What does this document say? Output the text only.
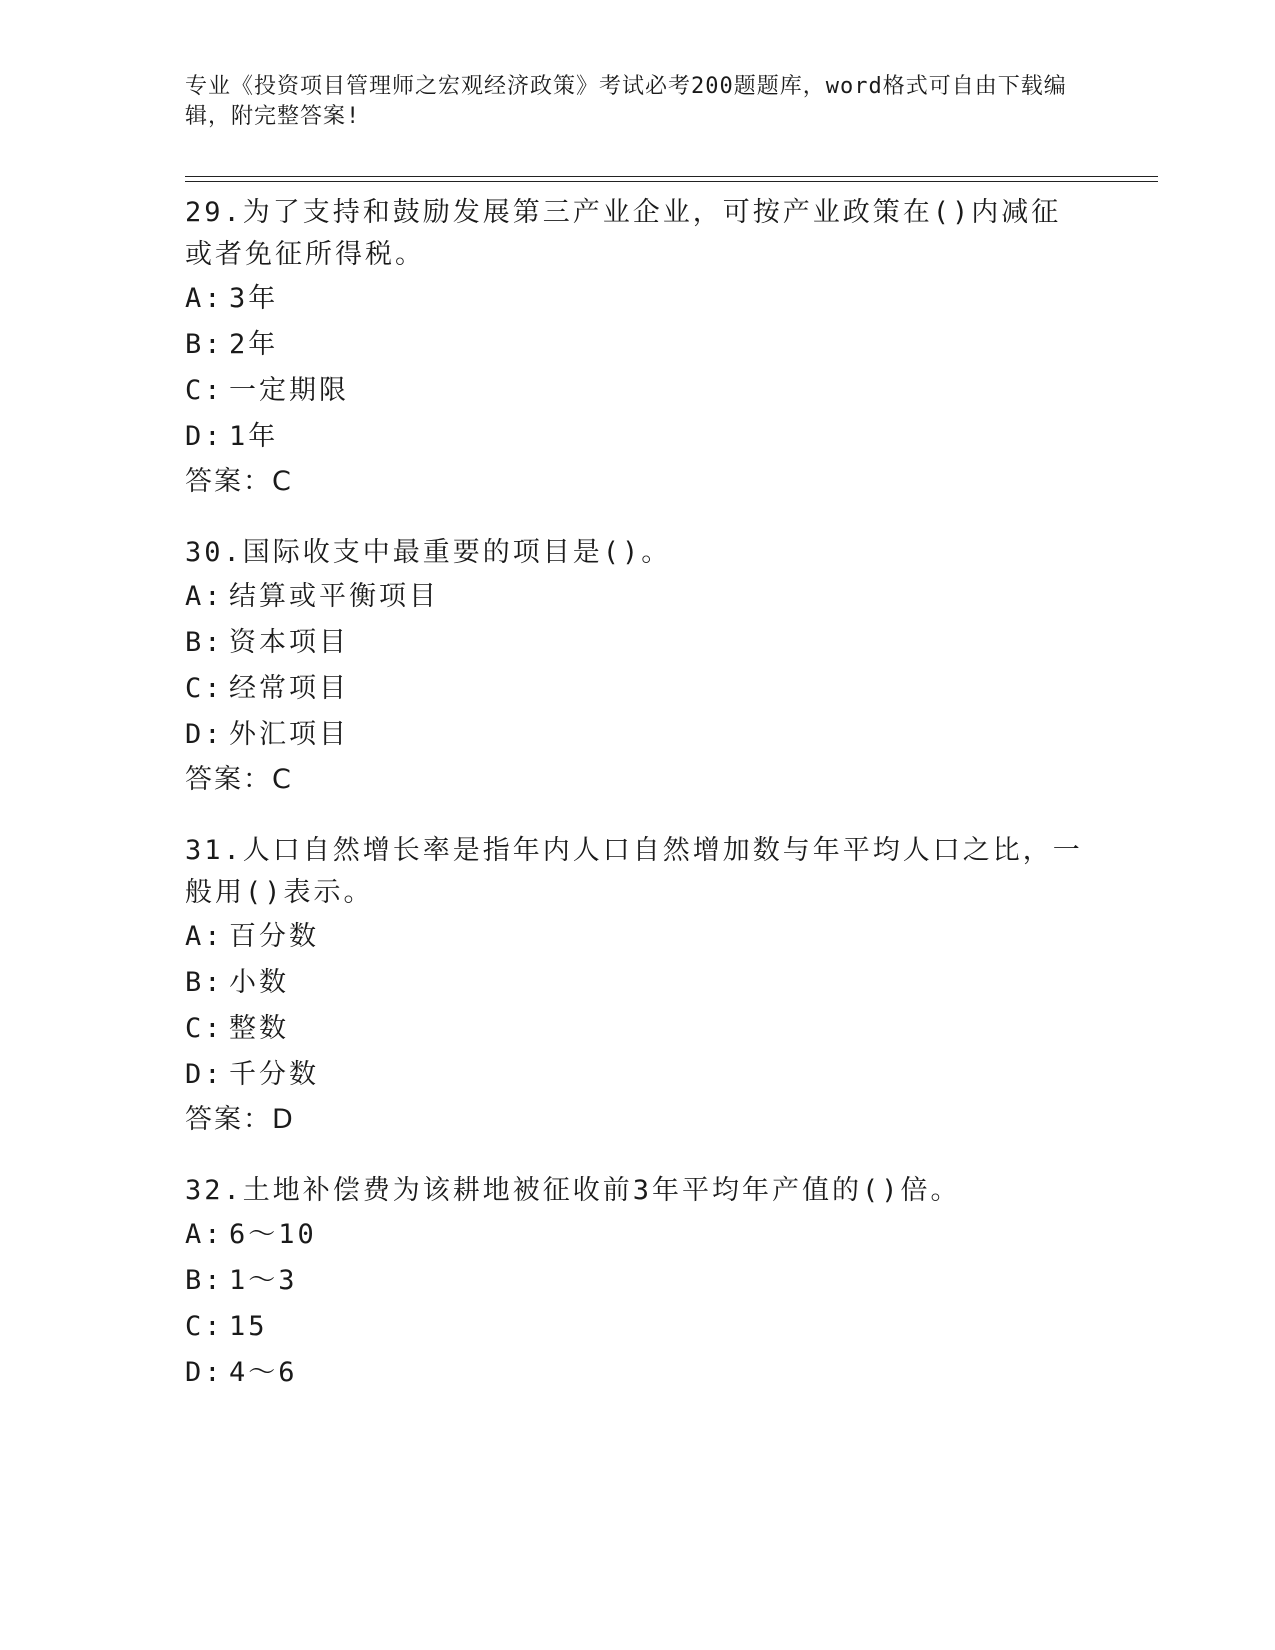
专业《投资项目管理师之宏观经济政策》考试必考200题题库，word格式可自由下载编辑，附完整答案!

29.为了支持和鼓励发展第三产业企业，可按产业政策在()内减征或者免征所得税。

A: 3年

B: 2年

C: 一定期限

D: 1年

答案：C

30.国际收支中最重要的项目是()。

A: 结算或平衡项目

B: 资本项目

C: 经常项目

D: 外汇项目

答案：C

31.人口自然增长率是指年内人口自然增加数与年平均人口之比，一般用()表示。

A: 百分数

B: 小数

C: 整数

D: 千分数

答案：D

32.土地补偿费为该耕地被征收前3年平均年产值的()倍。

A: 6～10

B: 1～3

C: 15

D: 4～6
